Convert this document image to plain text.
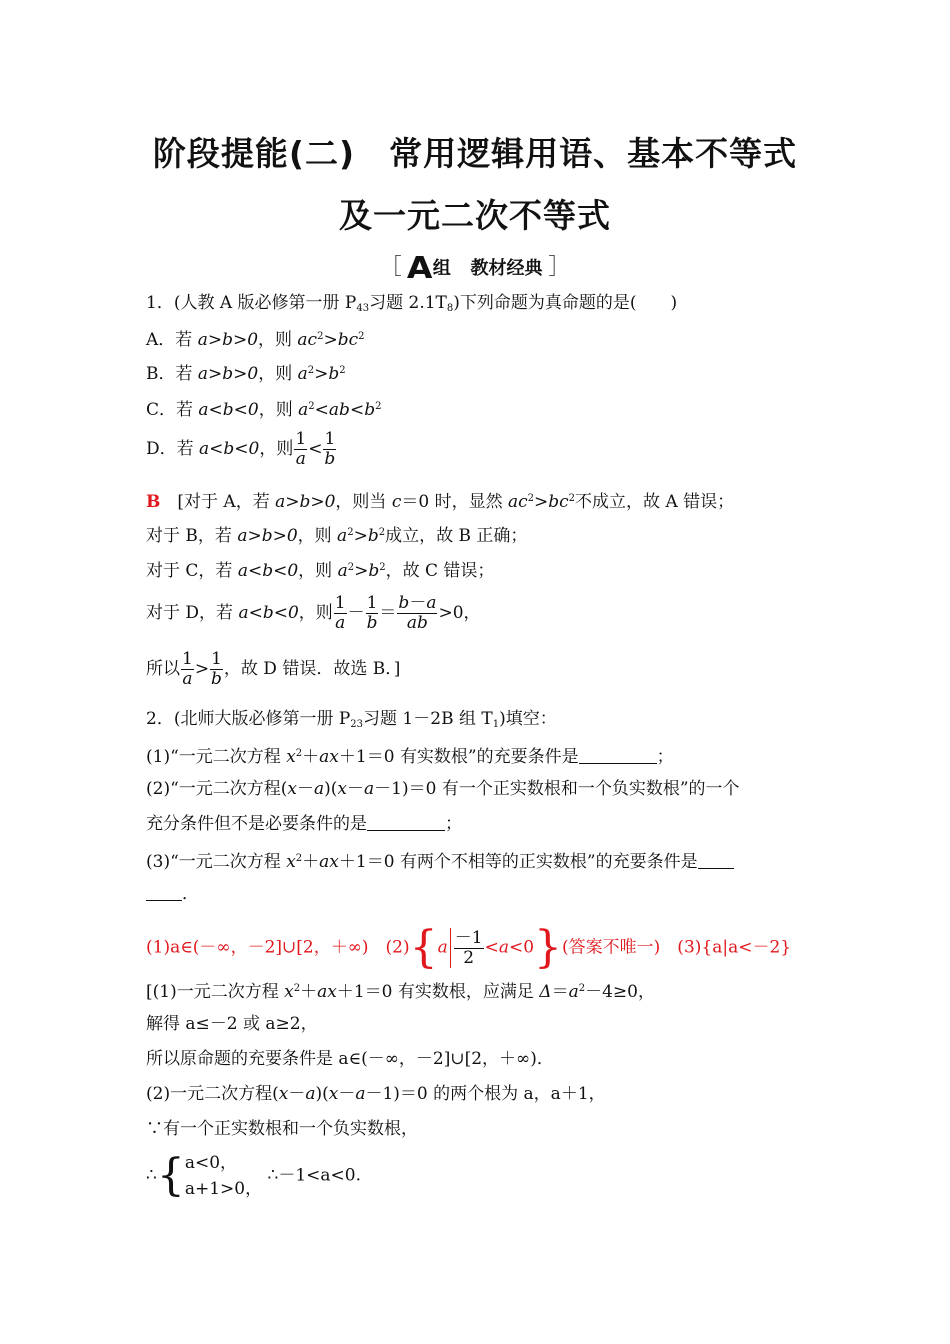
阶段提能(二)　常用逻辑用语、基本不等式
及一元二次不等式
［ A组 教材经典 ］
1．(人教 A 版必修第一册 $P_{43}$习题 $2.1T_8$)下列命题为真命题的是(　　)
A．若 a>b>0，则 $ac^2>bc^2$
B．若 a>b>0，则 $a^2>b^2$
C．若 a<b<0，则 $a^2<ab<b^2$
D．若 a<b<0，则 $\frac{1}{a} < \frac{1}{b}$
B　[对于 A，若 a>b>0，则当 c＝0 时，显然 $ac^2>bc^2$不成立，故 A 错误；
对于 B，若 a>b>0，则 $a^2>b^2$成立，故 B 正确；
对于 C，若 a<b<0，则 $a^2>b^2$，故 C 错误；
对于 D，若 a<b<0，则 $\frac{1}{a} - \frac{1}{b} = \frac{b-a}{ab} >0$，
所以 $\frac{1}{a} > \frac{1}{b}$ ，故 D 错误．故选 B．]
2．(北师大版必修第一册 $P_{23}$习题 1－2B 组 $T_1$)填空：
(1)“一元二次方程 $x^2+ax+1=0$ 有实数根”的充要条件是	；
(2)“一元二次方程(x－a)(x－a－1)＝0 有一个正实数根和一个负实数根”的一个
充分条件但不是必要条件的是	；
(3)“一元二次方程 $x^2+ax+1=0$ 有两个不相等的正实数根”的充要条件是
．
(1)a∈(－∞，－2]∪[2，＋∞)　$(2)\{a \frac{-1}{2} <a<0\}$(答案不唯一)　(3){a|a<－2}
[(1)一元二次方程 $x^2+ax+1=0$ 有实数根，应满足 $\Delta=a^2-4\ge 0$，
解得 a≤－2 或 a≥2，
所以原命题的充要条件是 a∈(－∞，－2]∪[2，＋∞)．
(2)一元二次方程(x－a)(x－a－1)＝0 的两个根为 a，a＋1，
∵有一个正实数根和一个负实数根，
∴{ a<0，
a+1>0，
∴－1<a<0.
